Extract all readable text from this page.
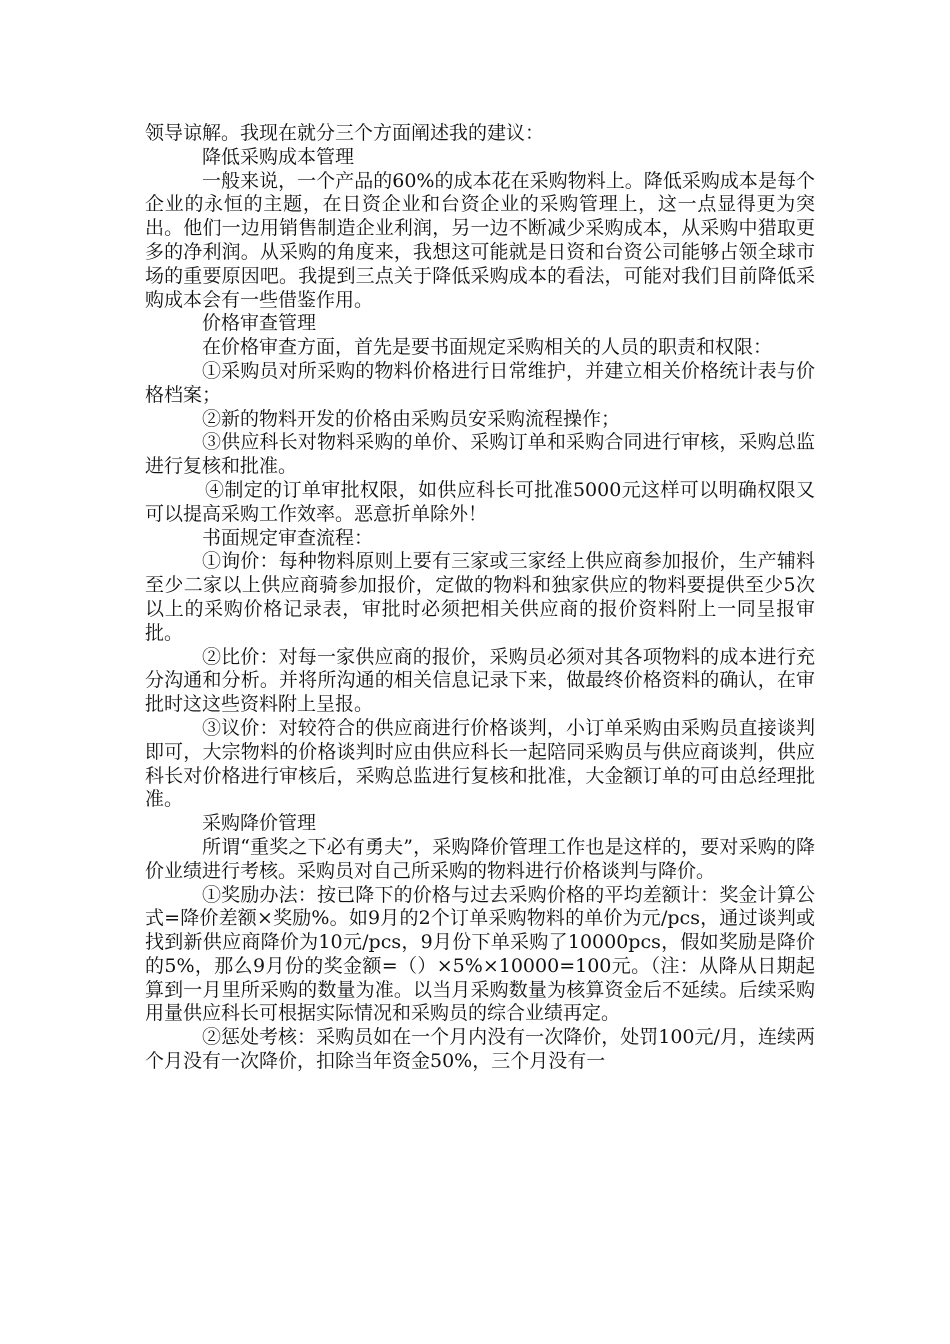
领导谅解。我现在就分三个方面阐述我的建议：

降低采购成本管理

一般来说，一个产品的60%的成本花在采购物料上。降低采购成本是每个企业的永恒的主题，在日资企业和台资企业的采购管理上，这一点显得更为突出。他们一边用销售制造企业利润，另一边不断减少采购成本，从采购中猎取更多的净利润。从采购的角度来，我想这可能就是日资和台资公司能够占领全球市场的重要原因吧。我提到三点关于降低采购成本的看法，可能对我们目前降低采购成本会有一些借鉴作用。

价格审查管理

在价格审查方面，首先是要书面规定采购相关的人员的职责和权限：

①采购员对所采购的物料价格进行日常维护，并建立相关价格统计表与价格档案；

②新的物料开发的价格由采购员安采购流程操作；

③供应科长对物料采购的单价、采购订单和采购合同进行审核，采购总监进行复核和批准。

④制定的订单审批权限，如供应科长可批准5000元这样可以明确权限又可以提高采购工作效率。恶意折单除外！

书面规定审查流程：

①询价：每种物料原则上要有三家或三家经上供应商参加报价，生产辅料至少二家以上供应商骑参加报价，定做的物料和独家供应的物料要提供至少5次以上的采购价格记录表，审批时必须把相关供应商的报价资料附上一同呈报审批。

②比价：对每一家供应商的报价，采购员必须对其各项物料的成本进行充分沟通和分析。并将所沟通的相关信息记录下来，做最终价格资料的确认，在审批时这这些资料附上呈报。

③议价：对较符合的供应商进行价格谈判，小订单采购由采购员直接谈判即可，大宗物料的价格谈判时应由供应科长一起陪同采购员与供应商谈判，供应科长对价格进行审核后，采购总监进行复核和批准，大金额订单的可由总经理批准。

采购降价管理

所谓“重奖之下必有勇夫”，采购降价管理工作也是这样的，要对采购的降价业绩进行考核。采购员对自己所采购的物料进行价格谈判与降价。

①奖励办法：按已降下的价格与过去采购价格的平均差额计：奖金计算公式=降价差额×奖励%。如9月的2个订单采购物料的单价为元/pcs，通过谈判或找到新供应商降价为10元/pcs，9月份下单采购了10000pcs，假如奖励是降价的5%，那么9月份的奖金额=（）×5%×10000=100元。（注：从降从日期起算到一月里所采购的数量为准。以当月采购数量为核算资金后不延续。后续采购用量供应科长可根据实际情况和采购员的综合业绩再定。

②惩处考核：采购员如在一个月内没有一次降价，处罚100元/月，连续两个月没有一次降价，扣除当年资金50%，三个月没有一
